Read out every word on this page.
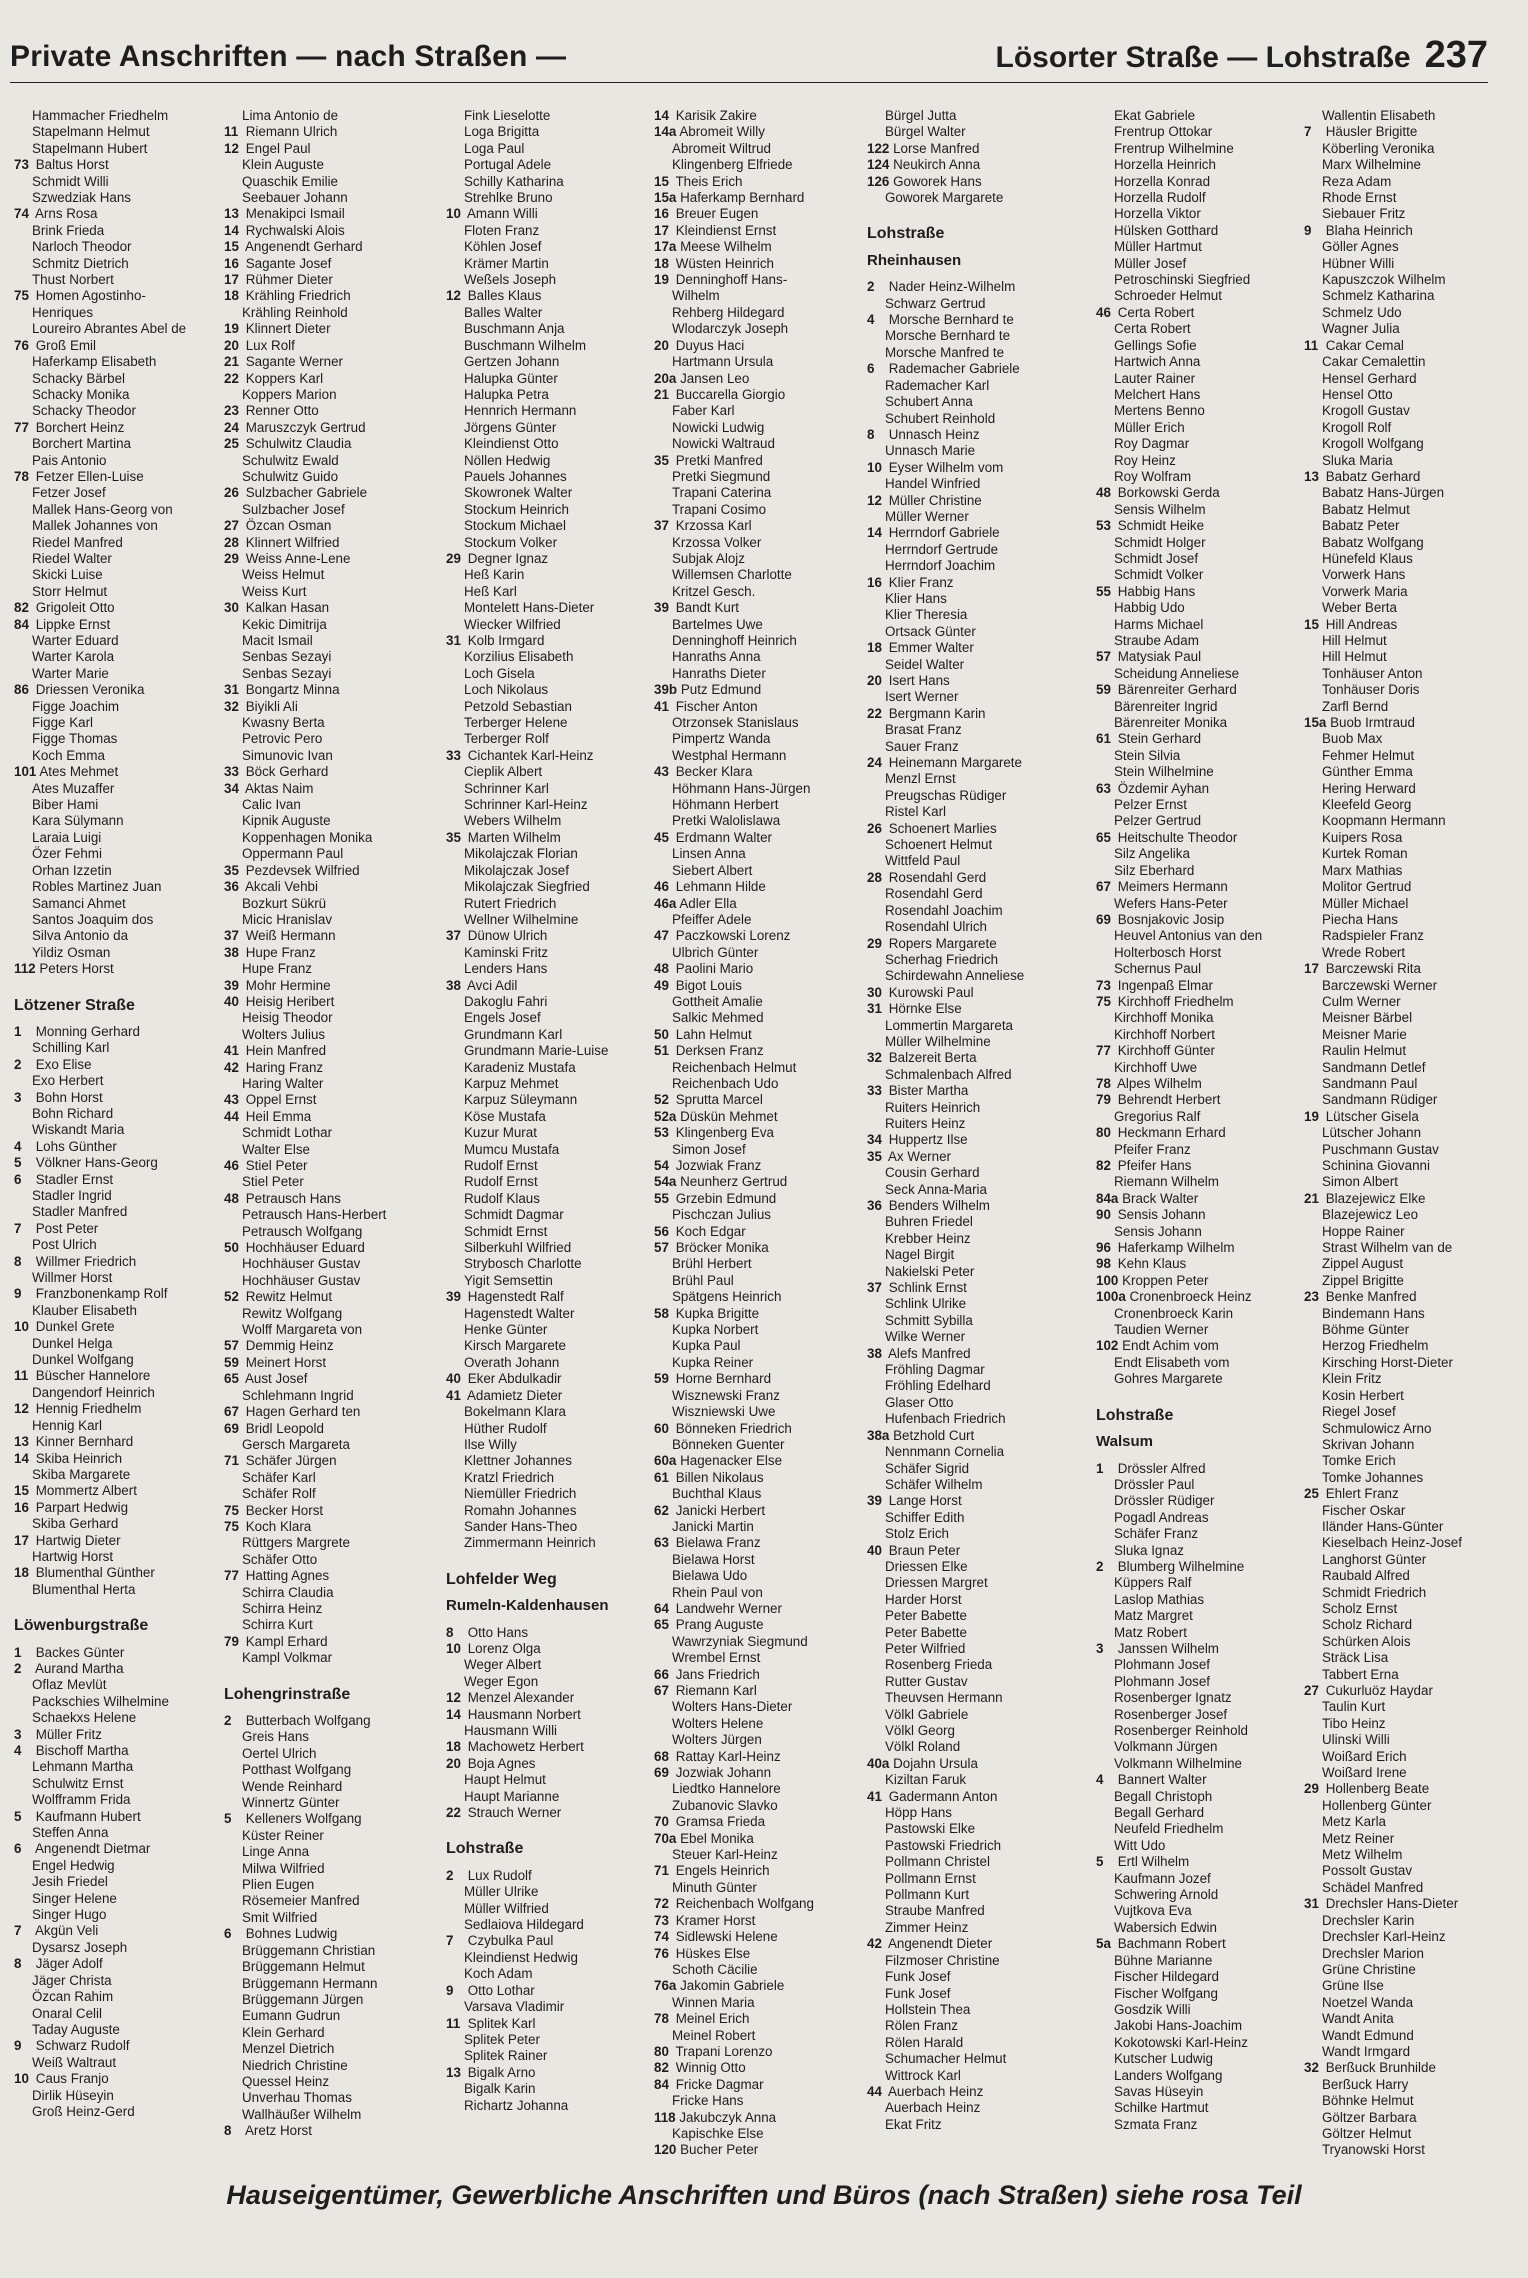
Private Anschriften — nach Straßen —	Lösorter Straße — Lohstraße 237
Hammacher Friedhelm
Stapelmann Helmut
Stapelmann Hubert
73 Baltus Horst
Schmidt Willi
Szwedziak Hans
74 Arns Rosa
Brink Frieda
Narloch Theodor
Schmitz Dietrich
Thust Norbert
75 Homen Agostinho-
Henriques
Loureiro Abrantes Abel de
76 Groß Emil
Haferkamp Elisabeth
Schacky Bärbel
Schacky Monika
Schacky Theodor
77 Borchert Heinz
Borchert Martina
Pais Antonio
78 Fetzer Ellen-Luise
Fetzer Josef
Mallek Hans-Georg von
Mallek Johannes von
Riedel Manfred
Riedel Walter
Skicki Luise
Storr Helmut
82 Grigoleit Otto
84 Lippke Ernst
Warter Eduard
Warter Karola
Warter Marie
86 Driessen Veronika
Figge Joachim
Figge Karl
Figge Thomas
Koch Emma
101 Ates Mehmet
Ates Muzaffer
Biber Hami
Kara Sülymann
Laraia Luigi
Özer Fehmi
Orhan Izzetin
Robles Martinez Juan
Samanci Ahmet
Santos Joaquim dos
Silva Antonio da
Yildiz Osman
112 Peters Horst
Lötzener Straße
1 Monning Gerhard
Schilling Karl
2 Exo Elise
Exo Herbert
3 Bohn Horst
Bohn Richard
Wiskandt Maria
4 Lohs Günther
5 Völkner Hans-Georg
6 Stadler Ernst
Stadler Ingrid
Stadler Manfred
7 Post Peter
Post Ulrich
8 Willmer Friedrich
Willmer Horst
9 Franzbonenkamp Rolf
Klauber Elisabeth
10 Dunkel Grete
Dunkel Helga
Dunkel Wolfgang
11 Büscher Hannelore
Dangendorf Heinrich
12 Hennig Friedhelm
Hennig Karl
13 Kinner Bernhard
14 Skiba Heinrich
Skiba Margarete
15 Mommertz Albert
16 Parpart Hedwig
Skiba Gerhard
17 Hartwig Dieter
Hartwig Horst
18 Blumenthal Günther
Blumenthal Herta
Löwenburgstraße
1 Backes Günter
2 Aurand Martha
Oflaz Mevlüt
Packschies Wilhelmine
Schaekxs Helene
3 Müller Fritz
4 Bischoff Martha
Lehmann Martha
Schulwitz Ernst
Wolfframm Frida
5 Kaufmann Hubert
Steffen Anna
6 Angenendt Dietmar
Engel Hedwig
Jesih Friedel
Singer Helene
Singer Hugo
7 Akgün Veli
Dysarsz Joseph
8 Jäger Adolf
Jäger Christa
Özcan Rahim
Onaral Celil
Taday Auguste
9 Schwarz Rudolf
Weiß Waltraut
10 Caus Franjo
Dirlik Hüseyin
Groß Heinz-Gerd
Lima Antonio de
11 Riemann Ulrich
12 Engel Paul
Klein Auguste
Quaschik Emilie
Seebauer Johann
13 Menakipci Ismail
14 Rychwalski Alois
15 Angenendt Gerhard
16 Sagante Josef
17 Rühmer Dieter
18 Krähling Friedrich
Krähling Reinhold
19 Klinnert Dieter
20 Lux Rolf
21 Sagante Werner
22 Koppers Karl
Koppers Marion
23 Renner Otto
24 Maruszczyk Gertrud
25 Schulwitz Claudia
Schulwitz Ewald
Schulwitz Guido
26 Sulzbacher Gabriele
Sulzbacher Josef
27 Özcan Osman
28 Klinnert Wilfried
29 Weiss Anne-Lene
Weiss Helmut
Weiss Kurt
30 Kalkan Hasan
Kekic Dimitrija
Macit Ismail
Senbas Sezayi
Senbas Sezayi
31 Bongartz Minna
32 Biyikli Ali
Kwasny Berta
Petrovic Pero
Simunovic Ivan
33 Böck Gerhard
34 Aktas Naim
Calic Ivan
Kipnik Auguste
Koppenhagen Monika
Oppermann Paul
35 Pezdevsek Wilfried
36 Akcali Vehbi
Bozkurt Sükrü
Micic Hranislav
37 Weiß Hermann
38 Hupe Franz
Hupe Franz
39 Mohr Hermine
40 Heisig Heribert
Heisig Theodor
Wolters Julius
41 Hein Manfred
42 Haring Franz
Haring Walter
43 Oppel Ernst
44 Heil Emma
Schmidt Lothar
Walter Else
46 Stiel Peter
Stiel Peter
48 Petrausch Hans
Petrausch Hans-Herbert
Petrausch Wolfgang
50 Hochhäuser Eduard
Hochhäuser Gustav
Hochhäuser Gustav
52 Rewitz Helmut
Rewitz Wolfgang
Wolff Margareta von
57 Demmig Heinz
59 Meinert Horst
65 Aust Josef
Schlehmann Ingrid
67 Hagen Gerhard ten
69 Bridl Leopold
Gersch Margareta
71 Schäfer Jürgen
Schäfer Karl
Schäfer Rolf
75 Becker Horst
75 Koch Klara
Rüttgers Margrete
Schäfer Otto
77 Hatting Agnes
Schirra Claudia
Schirra Heinz
Schirra Kurt
79 Kampl Erhard
Kampl Volkmar
Lohengrinstraße
2 Butterbach Wolfgang
Greis Hans
Oertel Ulrich
Potthast Wolfgang
Wende Reinhard
Winnertz Günter
5 Kelleners Wolfgang
Küster Reiner
Linge Anna
Milwa Wilfried
Plien Eugen
Rösemeier Manfred
Smit Wilfried
6 Bohnes Ludwig
Brüggemann Christian
Brüggemann Helmut
Brüggemann Hermann
Brüggemann Jürgen
Eumann Gudrun
Klein Gerhard
Menzel Dietrich
Niedrich Christine
Quessel Heinz
Unverhau Thomas
Wallhäußer Wilhelm
8 Aretz Horst
Fink Lieselotte
Loga Brigitta
Loga Paul
Portugal Adele
Schilly Katharina
Strehlke Bruno
10 Amann Willi
Floten Franz
Köhlen Josef
Krämer Martin
Weßels Joseph
12 Balles Klaus
Balles Walter
Buschmann Anja
Buschmann Wilhelm
Gertzen Johann
Halupka Günter
Halupka Petra
Hennrich Hermann
Jörgens Günter
Kleindienst Otto
Nöllen Hedwig
Pauels Johannes
Skowronek Walter
Stockum Heinrich
Stockum Michael
Stockum Volker
29 Degner Ignaz
Heß Karin
Heß Karl
Montelett Hans-Dieter
Wiecker Wilfried
31 Kolb Irmgard
Korzilius Elisabeth
Loch Gisela
Loch Nikolaus
Petzold Sebastian
Terberger Helene
Terberger Rolf
33 Cichantek Karl-Heinz
Cieplik Albert
Schrinner Karl
Schrinner Karl-Heinz
Webers Wilhelm
35 Marten Wilhelm
Mikolajczak Florian
Mikolajczak Josef
Mikolajczak Siegfried
Rutert Friedrich
Wellner Wilhelmine
37 Dünow Ulrich
Kaminski Fritz
Lenders Hans
38 Avci Adil
Dakoglu Fahri
Engels Josef
Grundmann Karl
Grundmann Marie-Luise
Karadeniz Mustafa
Karpuz Mehmet
Karpuz Süleymann
Köse Mustafa
Kuzur Murat
Mumcu Mustafa
Rudolf Ernst
Rudolf Ernst
Rudolf Klaus
Schmidt Dagmar
Schmidt Ernst
Silberkuhl Wilfried
Strybosch Charlotte
Yigit Semsettin
39 Hagenstedt Ralf
Hagenstedt Walter
Henke Günter
Kirsch Margarete
Overath Johann
40 Eker Abdulkadir
41 Adamietz Dieter
Bokelmann Klara
Hüther Rudolf
Ilse Willy
Klettner Johannes
Kratzl Friedrich
Niemüller Friedrich
Romahn Johannes
Sander Hans-Theo
Zimmermann Heinrich
Lohfelder Weg
Rumeln-Kaldenhausen
8 Otto Hans
10 Lorenz Olga
Weger Albert
Weger Egon
12 Menzel Alexander
14 Hausmann Norbert
Hausmann Willi
18 Machowetz Herbert
20 Boja Agnes
Haupt Helmut
Haupt Marianne
22 Strauch Werner
Lohstraße
2 Lux Rudolf
Müller Ulrike
Müller Wilfried
Sedlaiova Hildegard
7 Czybulka Paul
Kleindienst Hedwig
Koch Adam
9 Otto Lothar
Varsava Vladimir
11 Splitek Karl
Splitek Peter
Splitek Rainer
13 Bigalk Arno
Bigalk Karin
Richartz Johanna
14 Karisik Zakire
14a Abromeit Willy
Abromeit Wiltrud
Klingenberg Elfriede
15 Theis Erich
15a Haferkamp Bernhard
16 Breuer Eugen
17 Kleindienst Ernst
17a Meese Wilhelm
18 Wüsten Heinrich
19 Denninghoff Hans-
Wilhelm
Rehberg Hildegard
Wlodarczyk Joseph
20 Duyus Haci
Hartmann Ursula
20a Jansen Leo
21 Buccarella Giorgio
Faber Karl
Nowicki Ludwig
Nowicki Waltraud
35 Pretki Manfred
Pretki Siegmund
Trapani Caterina
Trapani Cosimo
37 Krzossa Karl
Krzossa Volker
Subjak Alojz
Willemsen Charlotte
Kritzel Gesch.
39 Bandt Kurt
Bartelmes Uwe
Denninghoff Heinrich
Hanraths Anna
Hanraths Dieter
39b Putz Edmund
41 Fischer Anton
Otrzonsek Stanislaus
Pimpertz Wanda
Westphal Hermann
43 Becker Klara
Höhmann Hans-Jürgen
Höhmann Herbert
Pretki Walolislawa
45 Erdmann Walter
Linsen Anna
Siebert Albert
46 Lehmann Hilde
46a Adler Ella
Pfeiffer Adele
47 Paczkowski Lorenz
Ulbrich Günter
48 Paolini Mario
49 Bigot Louis
Gottheit Amalie
Salkic Mehmed
50 Lahn Helmut
51 Derksen Franz
Reichenbach Helmut
Reichenbach Udo
52 Sprutta Marcel
52a Düskün Mehmet
53 Klingenberg Eva
Simon Josef
54 Jozwiak Franz
54a Neunherz Gertrud
55 Grzebin Edmund
Pischczan Julius
56 Koch Edgar
57 Bröcker Monika
Brühl Herbert
Brühl Paul
Spätgens Heinrich
58 Kupka Brigitte
Kupka Norbert
Kupka Paul
Kupka Reiner
59 Horne Bernhard
Wisznewski Franz
Wiszniewski Uwe
60 Bönneken Friedrich
Bönneken Guenter
60a Hagenacker Else
61 Billen Nikolaus
Buchthal Klaus
62 Janicki Herbert
Janicki Martin
63 Bielawa Franz
Bielawa Horst
Bielawa Udo
Rhein Paul von
64 Landwehr Werner
65 Prang Auguste
Wawrzyniak Siegmund
Wrembel Ernst
66 Jans Friedrich
67 Riemann Karl
Wolters Hans-Dieter
Wolters Helene
Wolters Jürgen
68 Rattay Karl-Heinz
69 Jozwiak Johann
Liedtko Hannelore
Zubanovic Slavko
70 Gramsa Frieda
70a Ebel Monika
Steuer Karl-Heinz
71 Engels Heinrich
Minuth Günter
72 Reichenbach Wolfgang
73 Kramer Horst
74 Sidlewski Helene
76 Hüskes Else
Schoth Cäcilie
76a Jakomin Gabriele
Winnen Maria
78 Meinel Erich
Meinel Robert
80 Trapani Lorenzo
82 Winnig Otto
84 Fricke Dagmar
Fricke Hans
118 Jakubczyk Anna
Kapischke Else
120 Bucher Peter
Bürgel Jutta
Bürgel Walter
122 Lorse Manfred
124 Neukirch Anna
126 Goworek Hans
Goworek Margarete
Lohstraße
Rheinhausen
2 Nader Heinz-Wilhelm
Schwarz Gertrud
4 Morsche Bernhard te
Morsche Bernhard te
Morsche Manfred te
6 Rademacher Gabriele
Rademacher Karl
Schubert Anna
Schubert Reinhold
8 Unnasch Heinz
Unnasch Marie
10 Eyser Wilhelm vom
Handel Winfried
12 Müller Christine
Müller Werner
14 Herrndorf Gabriele
Herrndorf Gertrude
Herrndorf Joachim
16 Klier Franz
Klier Hans
Klier Theresia
Ortsack Günter
18 Emmer Walter
Seidel Walter
20 Isert Hans
Isert Werner
22 Bergmann Karin
Brasat Franz
Sauer Franz
24 Heinemann Margarete
Menzl Ernst
Preugschas Rüdiger
Ristel Karl
26 Schoenert Marlies
Schoenert Helmut
Wittfeld Paul
28 Rosendahl Gerd
Rosendahl Gerd
Rosendahl Joachim
Rosendahl Ulrich
29 Ropers Margarete
Scherhag Friedrich
Schirdewahn Anneliese
30 Kurowski Paul
31 Hörnke Else
Lommertin Margareta
Müller Wilhelmine
32 Balzereit Berta
Schmalenbach Alfred
33 Bister Martha
Ruiters Heinrich
Ruiters Heinz
34 Huppertz Ilse
35 Ax Werner
Cousin Gerhard
Seck Anna-Maria
36 Benders Wilhelm
Buhren Friedel
Krebber Heinz
Nagel Birgit
Nakielski Peter
37 Schlink Ernst
Schlink Ulrike
Schmitt Sybilla
Wilke Werner
38 Alefs Manfred
Fröhling Dagmar
Fröhling Edelhard
Glaser Otto
Hufenbach Friedrich
38a Betzhold Curt
Nennmann Cornelia
Schäfer Sigrid
Schäfer Wilhelm
39 Lange Horst
Schiffer Edith
Stolz Erich
40 Braun Peter
Driessen Elke
Driessen Margret
Harder Horst
Peter Babette
Peter Babette
Peter Wilfried
Rosenberg Frieda
Rutter Gustav
Theuvsen Hermann
Völkl Gabriele
Völkl Georg
Völkl Roland
40a Dojahn Ursula
Kiziltan Faruk
41 Gadermann Anton
Höpp Hans
Pastowski Elke
Pastowski Friedrich
Pollmann Christel
Pollmann Ernst
Pollmann Kurt
Straube Manfred
Zimmer Heinz
42 Angenendt Dieter
Filzmoser Christine
Funk Josef
Funk Josef
Hollstein Thea
Rölen Franz
Rölen Harald
Schumacher Helmut
Wittrock Karl
44 Auerbach Heinz
Auerbach Heinz
Ekat Fritz
Ekat Gabriele
Frentrup Ottokar
Frentrup Wilhelmine
Horzella Heinrich
Horzella Konrad
Horzella Rudolf
Horzella Viktor
Hülsken Gotthard
Müller Hartmut
Müller Josef
Petroschinski Siegfried
Schroeder Helmut
46 Certa Robert
Certa Robert
Gellings Sofie
Hartwich Anna
Lauter Rainer
Melchert Hans
Mertens Benno
Müller Erich
Roy Dagmar
Roy Heinz
Roy Wolfram
48 Borkowski Gerda
Sensis Wilhelm
53 Schmidt Heike
Schmidt Holger
Schmidt Josef
Schmidt Volker
55 Habbig Hans
Habbig Udo
Harms Michael
Straube Adam
57 Matysiak Paul
Scheidung Anneliese
59 Bärenreiter Gerhard
Bärenreiter Ingrid
Bärenreiter Monika
61 Stein Gerhard
Stein Silvia
Stein Wilhelmine
63 Özdemir Ayhan
Pelzer Ernst
Pelzer Gertrud
65 Heitschulte Theodor
Silz Angelika
Silz Eberhard
67 Meimers Hermann
Wefers Hans-Peter
69 Bosnjakovic Josip
Heuvel Antonius van den
Holterbosch Horst
Schernus Paul
73 Ingenpaß Elmar
75 Kirchhoff Friedhelm
Kirchhoff Monika
Kirchhoff Norbert
77 Kirchhoff Günter
Kirchhoff Uwe
78 Alpes Wilhelm
79 Behrendt Herbert
Gregorius Ralf
80 Heckmann Erhard
Pfeifer Franz
82 Pfeifer Hans
Riemann Wilhelm
84a Brack Walter
90 Sensis Johann
Sensis Johann
96 Haferkamp Wilhelm
98 Kehn Klaus
100 Kroppen Peter
100a Cronenbroeck Heinz
Cronenbroeck Karin
Taudien Werner
102 Endt Achim vom
Endt Elisabeth vom
Gohres Margarete
Lohstraße
Walsum
1 Drössler Alfred
Drössler Paul
Drössler Rüdiger
Pogadl Andreas
Schäfer Franz
Sluka Ignaz
2 Blumberg Wilhelmine
Küppers Ralf
Laslop Mathias
Matz Margret
Matz Robert
3 Janssen Wilhelm
Plohmann Josef
Plohmann Josef
Rosenberger Ignatz
Rosenberger Josef
Rosenberger Reinhold
Volkmann Jürgen
Volkmann Wilhelmine
4 Bannert Walter
Begall Christoph
Begall Gerhard
Neufeld Friedhelm
Witt Udo
5 Ertl Wilhelm
Kaufmann Jozef
Schwering Arnold
Vujtkova Eva
Wabersich Edwin
5a Bachmann Robert
Bühne Marianne
Fischer Hildegard
Fischer Wolfgang
Gosdzik Willi
Jakobi Hans-Joachim
Kokotowski Karl-Heinz
Kutscher Ludwig
Landers Wolfgang
Savas Hüseyin
Schilke Hartmut
Szmata Franz
Wallentin Elisabeth
7 Häusler Brigitte
Köberling Veronika
Marx Wilhelmine
Reza Adam
Rhode Ernst
Siebauer Fritz
9 Blaha Heinrich
Göller Agnes
Hübner Willi
Kapuszczok Wilhelm
Schmelz Katharina
Schmelz Udo
Wagner Julia
11 Cakar Cemal
Cakar Cemalettin
Hensel Gerhard
Hensel Otto
Krogoll Gustav
Krogoll Rolf
Krogoll Wolfgang
Sluka Maria
13 Babatz Gerhard
Babatz Hans-Jürgen
Babatz Helmut
Babatz Peter
Babatz Wolfgang
Hünefeld Klaus
Vorwerk Hans
Vorwerk Maria
Weber Berta
15 Hill Andreas
Hill Helmut
Hill Helmut
Tonhäuser Anton
Tonhäuser Doris
Zarfl Bernd
15a Buob Irmtraud
Buob Max
Fehmer Helmut
Günther Emma
Hering Herward
Kleefeld Georg
Koopmann Hermann
Kuipers Rosa
Kurtek Roman
Marx Mathias
Molitor Gertrud
Müller Michael
Piecha Hans
Radspieler Franz
Wrede Robert
17 Barczewski Rita
Barczewski Werner
Culm Werner
Meisner Bärbel
Meisner Marie
Raulin Helmut
Sandmann Detlef
Sandmann Paul
Sandmann Rüdiger
19 Lütscher Gisela
Lütscher Johann
Puschmann Gustav
Schinina Giovanni
Simon Albert
21 Blazejewicz Elke
Blazejewicz Leo
Hoppe Rainer
Strast Wilhelm van de
Zippel August
Zippel Brigitte
23 Benke Manfred
Bindemann Hans
Böhme Günter
Herzog Friedhelm
Kirsching Horst-Dieter
Klein Fritz
Kosin Herbert
Riegel Josef
Schmulowicz Arno
Skrivan Johann
Tomke Erich
Tomke Johannes
25 Ehlert Franz
Fischer Oskar
Iländer Hans-Günter
Kieselbach Heinz-Josef
Langhorst Günter
Raubald Alfred
Schmidt Friedrich
Scholz Ernst
Scholz Richard
Schürken Alois
Sträck Lisa
Tabbert Erna
27 Cukurluöz Haydar
Taulin Kurt
Tibo Heinz
Ulinski Willi
Woißard Erich
Woißard Irene
29 Hollenberg Beate
Hollenberg Günter
Metz Karla
Metz Reiner
Metz Wilhelm
Possolt Gustav
Schädel Manfred
31 Drechsler Hans-Dieter
Drechsler Karin
Drechsler Karl-Heinz
Drechsler Marion
Grüne Christine
Grüne Ilse
Noetzel Wanda
Wandt Anita
Wandt Edmund
Wandt Irmgard
32 Berßuck Brunhilde
Berßuck Harry
Böhnke Helmut
Göltzer Barbara
Göltzer Helmut
Tryanowski Horst
Hauseigentümer, Gewerbliche Anschriften und Büros (nach Straßen) siehe rosa Teil
